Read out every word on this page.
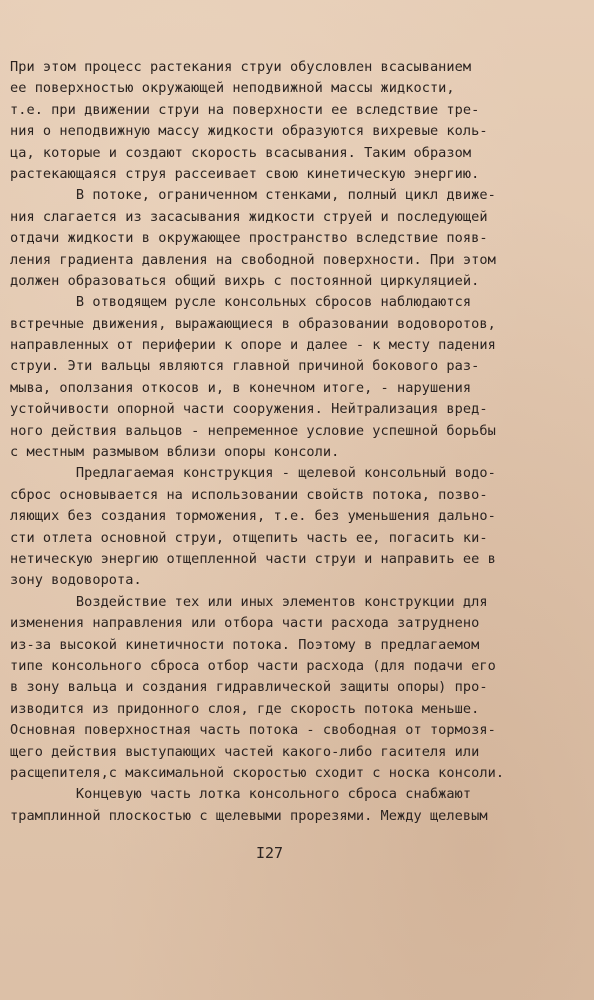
При этом процесс растекания струи обусловлен всасыванием
ее поверхностью окружающей неподвижной массы жидкости,
т.е. при движении струи на поверхности ее вследствие тре-
ния о неподвижную массу жидкости образуются вихревые коль-
ца, которые и создают скорость всасывания. Таким образом
растекающаяся струя рассеивает свою кинетическую энергию.
В потоке, ограниченном стенками, полный цикл движе-
ния слагается из засасывания жидкости струей и последующей
отдачи жидкости в окружающее пространство вследствие появ-
ления градиента давления на свободной поверхности. При этом
должен образоваться общий вихрь с постоянной циркуляцией.
В отводящем русле консольных сбросов наблюдаются
встречные движения, выражающиеся в образовании водоворотов,
направленных от периферии к опоре и далее - к месту падения
струи. Эти вальцы являются главной причиной бокового раз-
мыва, оползания откосов и, в конечном итоге, - нарушения
устойчивости опорной части сооружения. Нейтрализация вред-
ного действия вальцов - непременное условие успешной борьбы
с местным размывом вблизи опоры консоли.
Предлагаемая конструкция - щелевой консольный водо-
сброс основывается на использовании свойств потока, позво-
ляющих без создания торможения, т.е. без уменьшения дально-
сти отлета основной струи, отщепить часть ее, погасить ки-
нетическую энергию отщепленной части струи и направить ее в
зону водоворота.
Воздействие тех или иных элементов конструкции для
изменения направления или отбора части расхода затруднено
из-за высокой кинетичности потока. Поэтому в предлагаемом
типе консольного сброса отбор части расхода (для подачи его
в зону вальца и создания гидравлической защиты опоры) про-
изводится из придонного слоя, где скорость потока меньше.
Основная поверхностная часть потока - свободная от тормозя-
щего действия выступающих частей какого-либо гасителя или
расщепителя,с максимальной скоростью сходит с носка консоли.
Концевую часть лотка консольного сброса снабжают
трамплинной плоскостью с щелевыми прорезями. Между щелевым
I27
